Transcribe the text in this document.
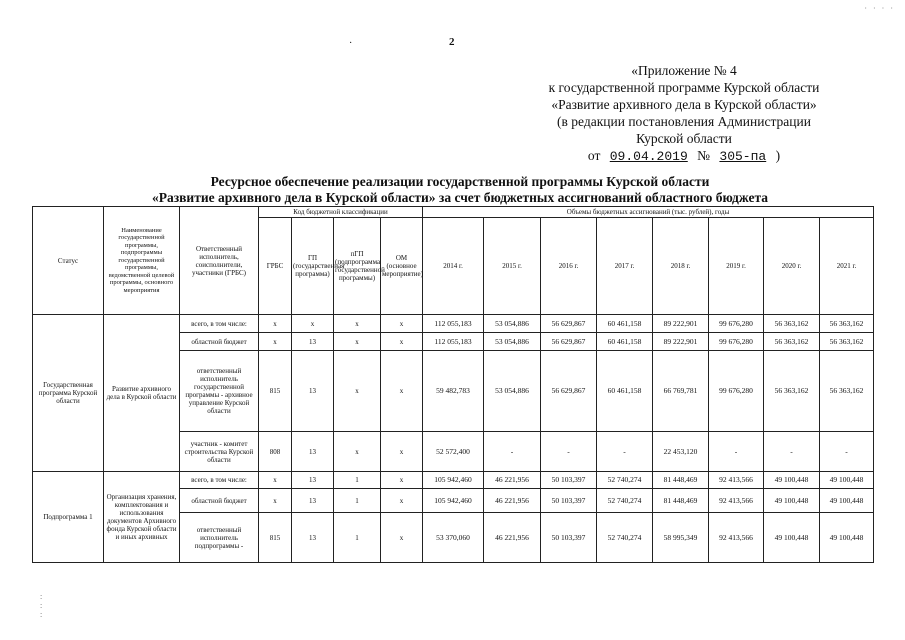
2
·
· · · ·
«Приложение № 4
к государственной программе Курской области
«Развитие архивного дела в Курской области»
(в редакции постановления Администрации
Курской области
от 09.04.2019 № 305-па )
Ресурсное обеспечение реализации государственной программы Курской области
«Развитие архивного дела в Курской области» за счет бюджетных ассигнований областного бюджета
Статус	Наименование государственной программы, подпрограммы государственной программы, ведомственной целевой программы, основного мероприятия	Ответственный исполнитель, соисполнители, участники (ГРБС)	Код бюджетной классификации				Объемы бюджетных ассигнований (тыс. рублей), годы							
			ГРБС	ГП (государственная программа)	пГП (подпрограмма государственной программы)	ОМ (основное мероприятие)	2014 г.	2015 г.	2016 г.	2017 г.	2018 г.	2019 г.	2020 г.	2021 г.
Государственная программа Курской области	Развитие архивного дела в Курской области	всего, в том числе:	х	х	х	х	112 055,183	53 054,886	56 629,867	60 461,158	89 222,901	99 676,280	56 363,162	56 363,162
		областной бюджет	х	13	х	х	112 055,183	53 054,886	56 629,867	60 461,158	89 222,901	99 676,280	56 363,162	56 363,162
		ответственный исполнитель государственной программы - архивное управление Курской области	815	13	х	х	59 482,783	53 054,886	56 629,867	60 461,158	66 769,781	99 676,280	56 363,162	56 363,162
		участник - комитет строительства Курской области	808	13	х	х	52 572,400	-	-	-	22 453,120	-	-	-
Подпрограмма 1	Организация хранения, комплектования и использования документов Архивного фонда Курской области и иных архивных	всего, в том числе:	х	13	1	х	105 942,460	46 221,956	50 103,397	52 740,274	81 448,469	92 413,566	49 100,448	49 100,448
		областной бюджет	х	13	1	х	105 942,460	46 221,956	50 103,397	52 740,274	81 448,469	92 413,566	49 100,448	49 100,448
		ответственный исполнитель подпрограммы -	815	13	1	х	53 370,060	46 221,956	50 103,397	52 740,274	58 995,349	92 413,566	49 100,448	49 100,448
:
:
:
